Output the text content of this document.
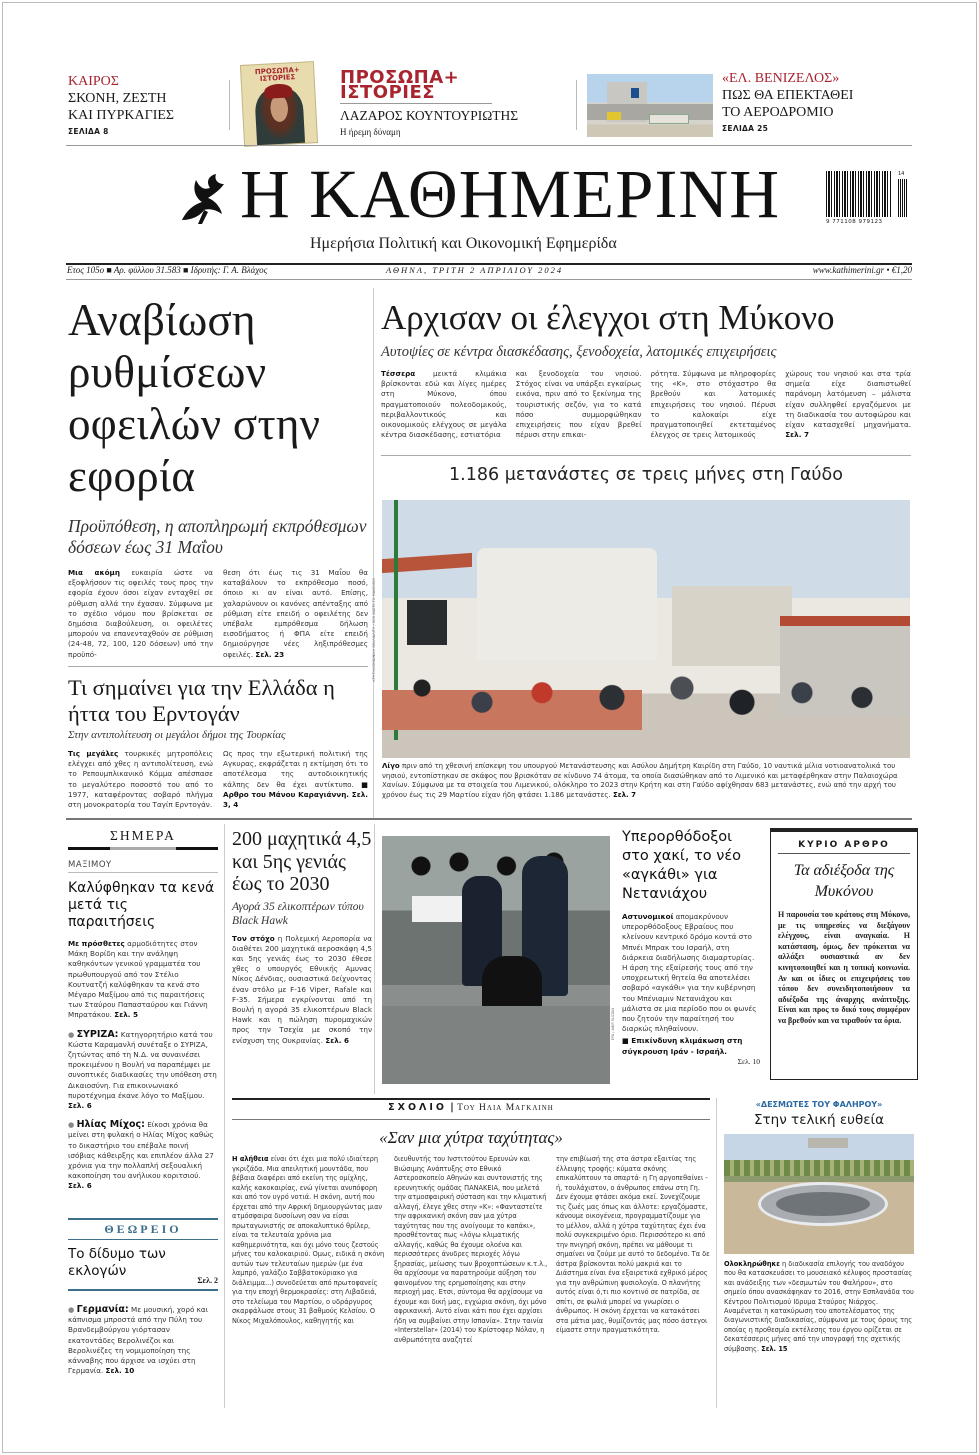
ΚΑΙΡΟΣ
ΣΚΟΝΗ, ΖΕΣΤΗ
ΚΑΙ ΠΥΡΚΑΓΙΕΣ
ΣΕΛΙΔΑ 8
ΠΡΟΣΩΠΑ+ ΙΣΤΟΡΙΕΣ	ΠΡΟΣΩΠΑ+
ΙΣΤΟΡΙΕΣ
ΛΑΖΑΡΟΣ ΚΟΥΝΤΟΥΡΙΩΤΗΣ
Η ήρεμη δύναμη
«ΕΛ. ΒΕΝΙΖΕΛΟΣ»
ΠΩΣ ΘΑ ΕΠΕΚΤΑΘΕΙ
ΤΟ ΑΕΡΟΔΡΟΜΙΟ
ΣΕΛΙΔΑ 25
Η ΚΑΘΗΜΕΡΙΝΗ
Ημερήσια Πολιτική και Οικονομική Εφημερίδα
14
9 771108 979123
Eτος 105ο ■ Αρ. φύλλου 31.583 ■ Ιδρυτής: Γ. Α. Βλάχος	ΑΘΗΝΑ, ΤΡΙΤΗ 2 ΑΠΡΙΛΙΟΥ 2024	www.kathimerini.gr • €1,20
Αναβίωση ρυθμίσεων οφειλών στην εφορία
Προϋπόθεση, η αποπληρωμή εκπρόθεσμων δόσεων έως 31 Μαΐου
Μια ακόμη ευκαιρία ώστε να εξοφλήσουν τις οφειλές τους προς την εφορία έχουν όσοι είχαν ενταχθεί σε ρύθμιση αλλά την έχασαν. Σύμφωνα με το σχέδιο νόμου που βρίσκεται σε δημόσια διαβούλευση, οι οφειλέτες μπορούν να επανενταχθούν σε ρύθμιση (24-48, 72, 100, 120 δόσεων) υπό την προϋπό-
θεση ότι έως τις 31 Μαΐου θα καταβάλουν το εκπρόθεσμο ποσό, όποιο κι αν είναι αυτό. Επίσης, χαλαρώνουν οι κανόνες απένταξης από ρύθμιση είτε επειδή ο οφειλέτης δεν υπέβαλε εμπρόθεσμα δήλωση εισοδήματος ή ΦΠΑ είτε επειδή δημιούργησε νέες ληξιπρόθεσμες οφειλές. Σελ. 23
Τι σημαίνει για την Ελλάδα η ήττα του Ερντογάν
Στην αντιπολίτευση οι μεγάλοι δήμοι της Τουρκίας
Τις μεγάλες τουρκικές μητροπόλεις ελέγχει από χθες η αντιπολίτευση, ενώ το Ρεπουμπλικανικό Κόμμα απέσπασε το μεγαλύτερο ποσοστό του από το 1977, καταφέροντας σοβαρό πλήγμα στη μονοκρατορία του Ταγίπ Ερντογάν.
Ως προς την εξωτερική πολιτική της Αγκυρας, εκφράζεται η εκτίμηση ότι το αποτέλεσμα της αυτοδιοικητικής κάλπης δεν θα έχει αντίκτυπο. ■ Αρθρο του Μάνου Καραγιάννη. Σελ. 3, 4
Αρχισαν οι έλεγχοι στη Μύκονο
Αυτοψίες σε κέντρα διασκέδασης, ξενοδοχεία, λατομικές επιχειρήσεις
Τέσσερα μεικτά κλιμάκια βρίσκονται εδώ και λίγες ημέρες στη Μύκονο, όπου πραγματοποιούν πολεοδομικούς, περιβαλλοντικούς και οικονομικούς ελέγχους σε μεγάλα κέντρα διασκέδασης, εστιατόρια
και ξενοδοχεία του νησιού. Στόχος είναι να υπάρξει εγκαίρως εικόνα, πριν από το ξεκίνημα της τουριστικής σεζόν, για το κατά πόσο συμμορφώθηκαν επιχειρήσεις που είχαν βρεθεί πέρυσι στην επικαι-
ρότητα. Σύμφωνα με πληροφορίες της «Κ», στο στόχαστρο θα βρεθούν και λατομικές επιχειρήσεις του νησιού. Πέρυσι το καλοκαίρι είχε πραγματοποιηθεί εκτεταμένος έλεγχος σε τρεις λατομικούς
χώρους του νησιού και στα τρία σημεία είχε διαπιστωθεί παράνομη λατόμευση – μάλιστα είχαν συλληφθεί εργαζόμενοι με τη διαδικασία του αυτοφώρου και είχαν κατασχεθεί μηχανήματα. Σελ. 7
1.186 μετανάστες σε τρεις μήνες στη Γαύδο
ΚΡΗΤΗ/ΚΟΙΝΩΝΙΚΗ ΒΕΛΛΙΑΛΙΤΗ / SOS ΣΩΣΤΕ ΤΟ ΜΑΚΕΛΕΙΟ
Λίγο πριν από τη χθεσινή επίσκεψη του υπουργού Μετανάστευσης και Ασύλου Δημήτρη Καιρίδη στη Γαύδο, 10 ναυτικά μίλια νοτιοανατολικά του νησιού, εντοπίστηκαν σε σκάφος που βρισκόταν σε κίνδυνο 74 άτομα, τα οποία διασώθηκαν από το Λιμενικό και μεταφέρθηκαν στην Παλαιοχώρα Χανίων. Σύμφωνα με τα στοιχεία του Λιμενικού, ολόκληρο το 2023 στην Κρήτη και στη Γαύδο αφίχθησαν 683 μετανάστες, ενώ από την αρχή του χρόνου έως τις 29 Μαρτίου είχαν ήδη φτάσει 1.186 μετανάστες. Σελ. 7
ΣΗΜΕΡΑ
ΜΑΞΙΜΟΥ
Καλύφθηκαν τα κενά μετά τις παραιτήσεις
Με πρόσθετες αρμοδιότητες στον Μάκη Βορίδη και την ανάληψη καθηκόντων γενικού γραμματέα του πρωθυπουργού από τον Στέλιο Κουτνατζή καλύφθηκαν τα κενά στο Μέγαρο Μαξίμου από τις παραιτήσεις των Σταύρου Παπασταύρου και Γιάννη Μπρατάκου. Σελ. 5
● ΣΥΡΙΖΑ: Κατηγορητήριο κατά του Κώστα Καραμανλή συνέταξε ο ΣΥΡΙΖΑ, ζητώντας από τη Ν.Δ. να συναινέσει προκειμένου η Βουλή να παραπέμψει με συνοπτικές διαδικασίες την υπόθεση στη Δικαιοσύνη. Για επικοινωνιακό πυροτέχνημα έκανε λόγο το Μαξίμου. Σελ. 6
● Ηλίας Μίχος: Είκοσι χρόνια θα μείνει στη φυλακή ο Ηλίας Μίχος καθώς το δικαστήριο του επέβαλε ποινή ισόβιας κάθειρξης και επιπλέον άλλα 27 χρόνια για την πολλαπλή σεξουαλική κακοποίηση του ανήλικου κοριτσιού. Σελ. 6
ΘΕΩΡΕΙΟ
Το δίδυμο των εκλογών
Σελ. 2
● Γερμανία: Με μουσική, χορό και κάπνισμα μπροστά από την Πύλη του Βρανδεμβούργου γιόρτασαν εκατοντάδες Βερολινέζοι και Βερολινέζες τη νομιμοποίηση της κάνναβης που άρχισε να ισχύει στη Γερμανία. Σελ. 10
200 μαχητικά 4,5 και 5ης γενιάς έως το 2030
Αγορά 35 ελικοπτέρων τύπου Black Hawk
Τον στόχο η Πολεμική Αεροπορία να διαθέτει 200 μαχητικά αεροσκάφη 4,5 και 5ης γενιάς έως το 2030 έθεσε χθες ο υπουργός Εθνικής Αμυνας Νίκος Δένδιας, ουσιαστικά δείχνοντας έναν στόλο με F-16 Viper, Rafale και F-35. Σήμερα εγκρίνονται από τη Βουλή η αγορά 35 ελικοπτέρων Black Hawk και η πώληση πυρομαχικών προς την Τσεχία με σκοπό την ενίσχυση της Ουκρανίας. Σελ. 6	EPA / ABIR SULTAN
Υπερορθόδοξοι στο χακί, το νέο «αγκάθι» για Νετανιάχου
Αστυνομικοί απομακρύνουν υπερορθόδοξους Εβραίους που κλείνουν κεντρικό δρόμο κοντά στο Μπνέι Μπρακ του Ισραήλ, στη διάρκεια διαδήλωσης διαμαρτυρίας. Η άρση της εξαίρεσής τους από την υποχρεωτική θητεία θα αποτελέσει σοβαρό «αγκάθι» για την κυβέρνηση του Μπένιαμιν Νετανιάχου και μάλιστα σε μια περίοδο που οι φωνές που ζητούν την παραίτησή του διαρκώς πληθαίνουν.
■ Επικίνδυνη κλιμάκωση στη σύγκρουση Ιράν - Ισραήλ.
Σελ. 10
ΚΥΡΙΟ ΑΡΘΡΟ
Τα αδιέξοδα της Μυκόνου
Η παρουσία του κράτους στη Μύκονο, με τις υπηρεσίες να διεξάγουν ελέγχους, είναι αναγκαία. Η κατάσταση, όμως, δεν πρόκειται να αλλάξει ουσιαστικά αν δεν κινητοποιηθεί και η τοπική κοινωνία. Αν και οι ίδιες οι επιχειρήσεις του τόπου δεν συνειδητοποιήσουν τα αδιέξοδα της άναρχης ανάπτυξης. Είναι και προς το δικό τους συμφέρον να βρεθούν και να τιραθούν τα όρια.
ΣΧΟΛΙΟ | Του Ηλια Μαγκλινη
«Σαν μια χύτρα ταχύτητας»
Η αλήθεια είναι ότι έχει μια πολύ ιδιαίτερη γκριζάδα. Μια απειλητική μουντάδα, που βέβαια διαφέρει από εκείνη της ομίχλης, καλής κακοκαιρίας, ενώ γίνεται ανυπόφορη και από τον υγρό νοτιά. Η σκόνη, αυτή που έρχεται από την Αφρική δημιουργώντας μιαν ατμόσφαιρα δυσοίωνη σαν να είσαι πρωταγωνιστής σε αποκαλυπτικό θρίλερ, είναι τα τελευταία χρόνια μια καθημερινότητα, και όχι μόνο τους ζεστούς μήνες του καλοκαιριού. Ομως, ειδικά η σκόνη αυτών των τελευταίων ημερών (με ένα λαμπρό, γαλάζιο Σαββατοκύριακο για διάλειμμα...) συνοδεύεται από πρωτοφανείς για την εποχή θερμοκρασίες: στη Λιβαδειά, στο τελείωμα του Μαρτίου, ο υδράργυρος σκαρφάλωσε στους 31 βαθμούς Κελσίου. Ο Νίκος Μιχαλόπουλος, καθηγητής και
διευθυντής του Ινστιτούτου Ερευνών και Βιώσιμης Ανάπτυξης στο Εθνικό Αστεροσκοπείο Αθηνών και συντονιστής της ερευνητικής ομάδας ΠΑΝΑΚΕΙΑ, που μελετά την ατμοσφαιρική σύσταση και την κλιματική αλλαγή, έλεγε χθες στην «Κ»: «Φανταστείτε την αφρικανική σκόνη σαν μια χύτρα ταχύτητας που της ανοίγουμε το καπάκι», προσθέτοντας πως «λόγω κλιματικής αλλαγής, καθώς θα έχουμε ολοένα και περισσότερες άνυδρες περιοχές λόγω ξηρασίας, μείωσης των βροχοπτώσεων κ.τ.λ., θα αρχίσουμε να παρατηρούμε αύξηση του φαινομένου της ερημοποίησης και στην περιοχή μας. Ετσι, σύντομα θα αρχίσουμε να έχουμε και δική μας, εγχώρια σκόνη, όχι μόνο αφρικανική. Αυτό είναι κάτι που έχει αρχίσει ήδη να συμβαίνει στην Ισπανία». Στην ταινία «Interstellar» (2014) του Κρίστοφερ Νόλαν, η ανθρωπότητα αναζητεί
την επιβίωσή της στα άστρα εξαιτίας της έλλειψης τροφής: κύματα σκόνης επικαλύπτουν τα σπαρτά· η Γη αργοπεθαίνει - ή, τουλάχιστον, ο άνθρωπος επάνω στη Γη. Δεν έχουμε φτάσει ακόμα εκεί. Συνεχίζουμε τις ζωές μας όπως και άλλοτε: εργαζόμαστε, κάνουμε οικογένεια, προγραμματίζουμε για το μέλλον, αλλά η χύτρα ταχύτητας έχει ένα πολύ συγκεκριμένο όριο. Περισσότερο κι από την πνιγηρή σκόνη, πρέπει να μάθουμε τι σημαίνει να ζούμε με αυτό το δεδομένο. Τα δε άστρα βρίσκονται πολύ μακριά και το Διάστημα είναι ένα εξαιρετικά εχθρικό μέρος για την ανθρώπινη φυσιολογία. Ο πλανήτης αυτός είναι ό,τι πιο κοντινό σε πατρίδα, σε σπίτι, σε φωλιά μπορεί να γνωρίσει ο άνθρωπος. Η σκόνη έρχεται να κατακάτσει στα μάτια μας, θυμίζοντάς μας πόσο άστεγοι είμαστε στην πραγματικότητα.
«ΔΕΣΜΩΤΕΣ ΤΟΥ ΦΑΛΗΡΟΥ»
Στην τελική ευθεία
Ολοκληρώθηκε η διαδικασία επιλογής του αναδόχου που θα κατασκευάσει το μουσειακό κέλυφος προστασίας και ανάδειξης των «δεσμωτών του Φαλήρου», στο σημείο όπου ανασκάφηκαν το 2016, στην Εσπλανάδα του Κέντρου Πολιτισμού Ιδρυμα Σταύρος Νιάρχος. Αναμένεται η κατακύρωση του αποτελέσματος της διαγωνιστικής διαδικασίας, σύμφωνα με τους όρους της οποίας η προθεσμία εκτέλεσης του έργου ορίζεται σε δεκατέσσερις μήνες από την υπογραφή της σχετικής σύμβασης. Σελ. 15
